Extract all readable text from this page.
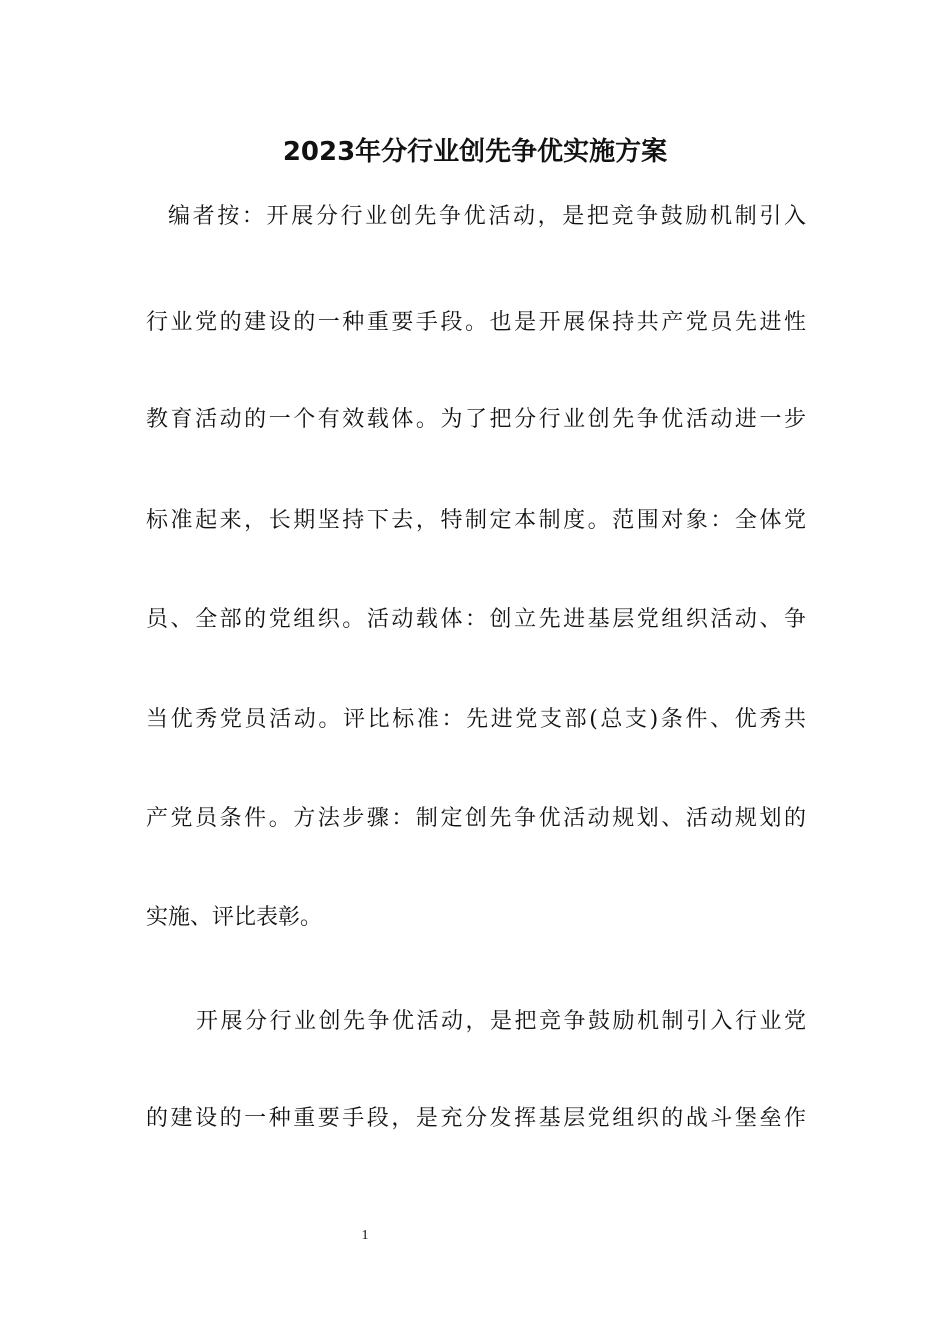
2023年分行业创先争优实施方案
编者按：开展分行业创先争优活动，是把竞争鼓励机制引入
行业党的建设的一种重要手段。也是开展保持共产党员先进性
教育活动的一个有效载体。为了把分行业创先争优活动进一步
标准起来，长期坚持下去，特制定本制度。范围对象：全体党
员、全部的党组织。活动载体：创立先进基层党组织活动、争
当优秀党员活动。评比标准：先进党支部(总支)条件、优秀共
产党员条件。方法步骤：制定创先争优活动规划、活动规划的
实施、评比表彰。
开展分行业创先争优活动，是把竞争鼓励机制引入行业党
的建设的一种重要手段，是充分发挥基层党组织的战斗堡垒作
1
